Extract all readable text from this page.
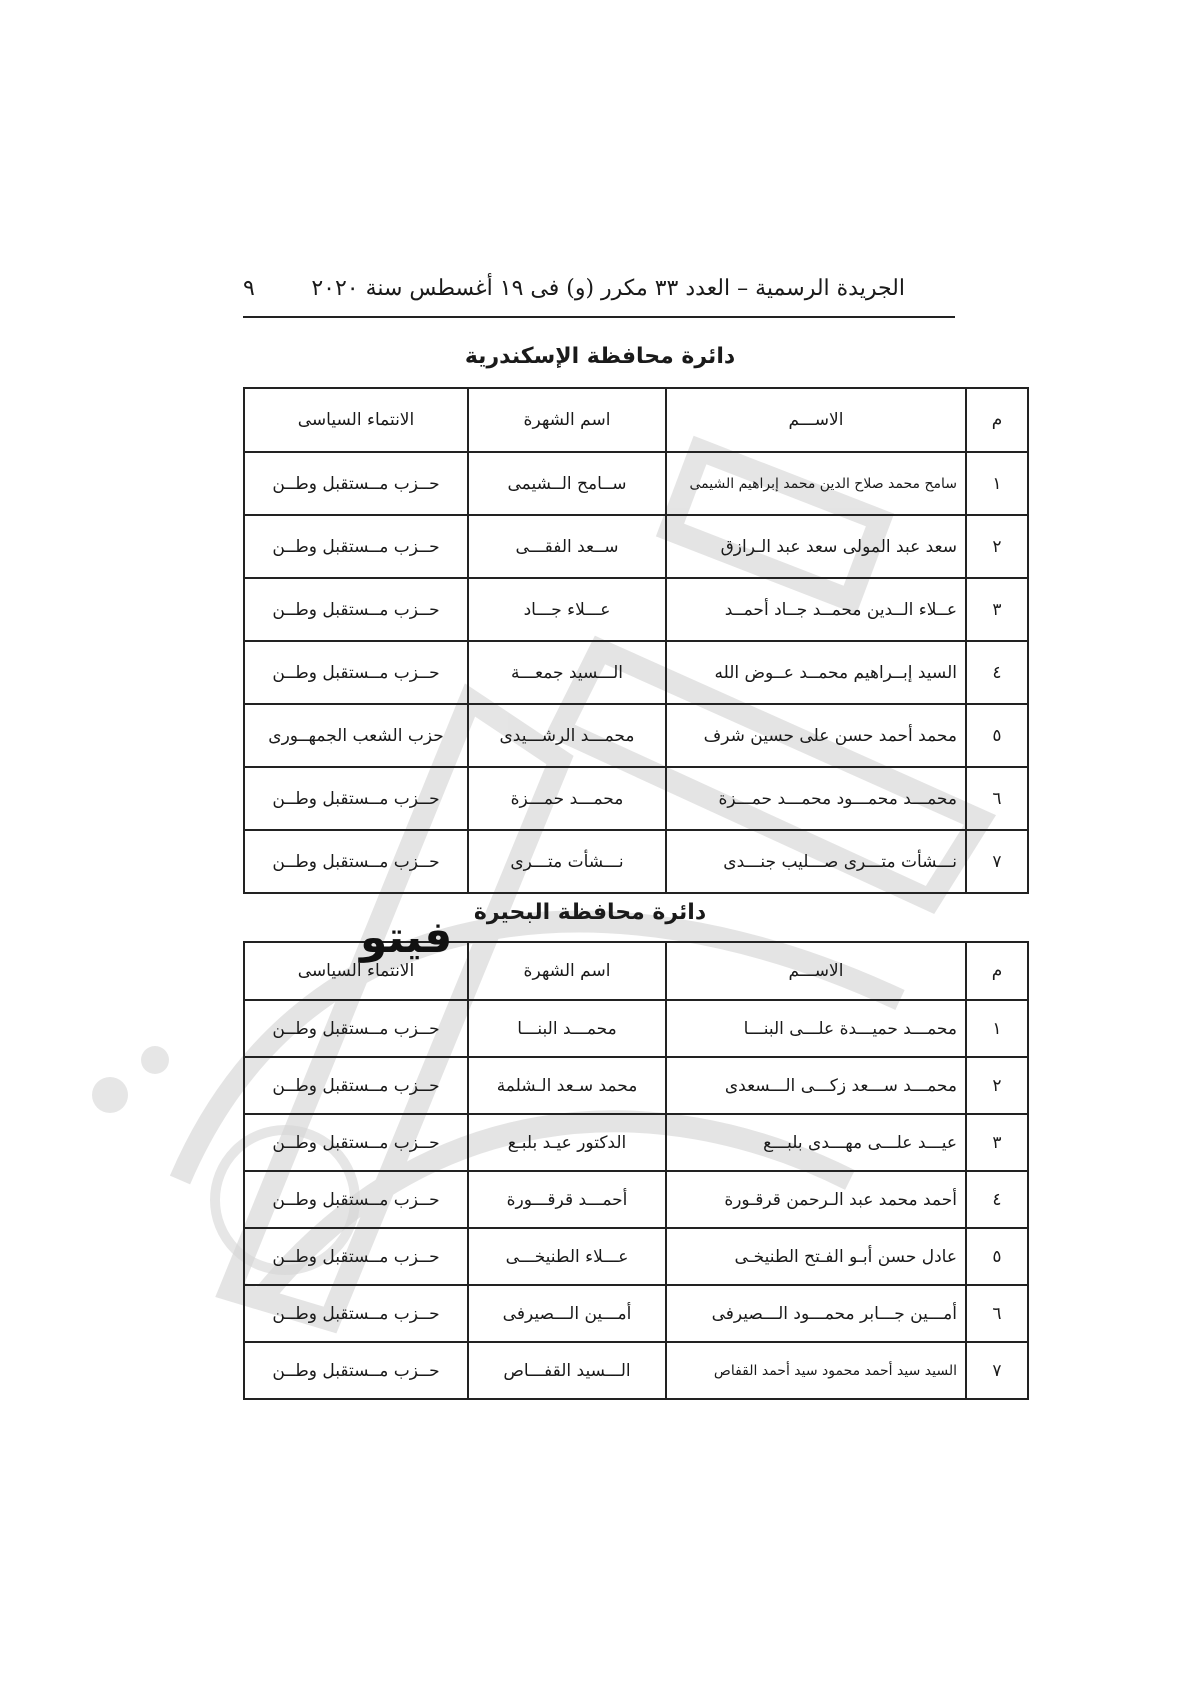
الجريدة الرسمية – العدد ٣٣ مكرر (و) فى ١٩ أغسطس سنة ٢٠٢٠
٩
دائرة محافظة الإسكندرية
م	الاســـم	اسم الشهرة	الانتماء السياسى
١	سامح محمد صلاح الدين محمد إبراهيم الشيمى	ســامح الــشيمى	حــزب مــستقبل وطــن
٢	سعد عبد المولى سعد عبد الـرازق	ســعد الفقـــى	حــزب مــستقبل وطــن
٣	عــلاء الــدين محمــد جــاد أحمــد	عـــلاء جـــاد	حــزب مــستقبل وطــن
٤	السيد إبــراهيم محمــد عــوض الله	الـــسيد جمعـــة	حــزب مــستقبل وطــن
٥	محمد أحمد حسن على حسين شرف	محمـــد الرشـــيدى	حزب الشعب الجمهــورى
٦	محمـــد محمـــود محمـــد حمـــزة	محمـــد حمـــزة	حــزب مــستقبل وطــن
٧	نـــشأت متـــرى صـــليب جنـــدى	نـــشأت متـــرى	حــزب مــستقبل وطــن
دائرة محافظة البحيرة
م	الاســـم	اسم الشهرة	الانتماء السياسى
١	محمـــد حميـــدة علـــى البنـــا	محمـــد البنـــا	حــزب مــستقبل وطــن
٢	محمـــد ســـعد زكـــى الـــسعدى	محمد سـعد الـشلمة	حــزب مــستقبل وطــن
٣	عيـــد علـــى مهـــدى بلبـــع	الدكتور عيـد بلبـع	حــزب مــستقبل وطــن
٤	أحمد محمد عبد الـرحمن قرقـورة	أحمـــد قرقـــورة	حــزب مــستقبل وطــن
٥	عادل حسن أبـو الفـتح الطنيخـى	عـــلاء الطنيخـــى	حــزب مــستقبل وطــن
٦	أمـــين جـــابر محمـــود الـــصيرفى	أمـــين الـــصيرفى	حــزب مــستقبل وطــن
٧	السيد سيد أحمد محمود سيد أحمد القفاص	الـــسيد القفـــاص	حــزب مــستقبل وطــن
فيتو
